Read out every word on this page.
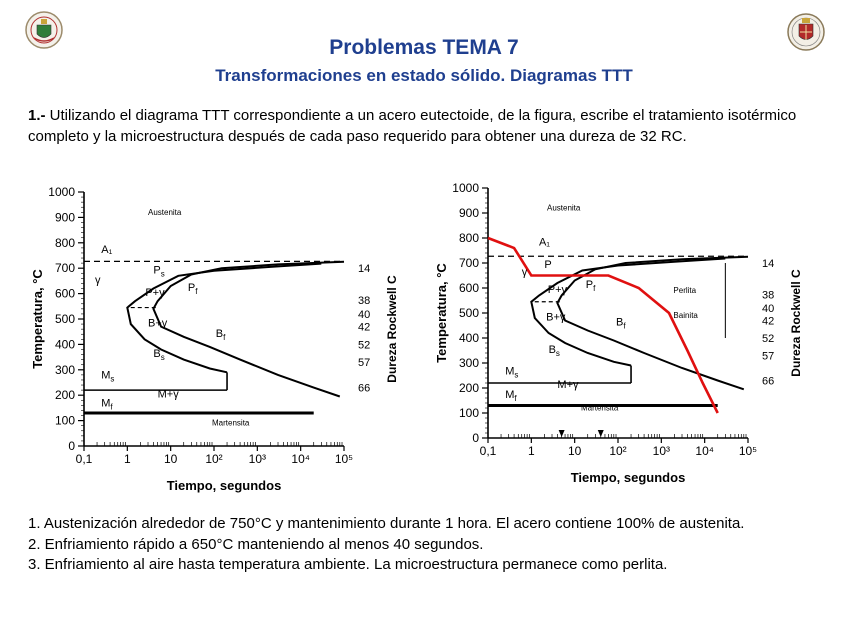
Problemas TEMA 7
Transformaciones en estado sólido. Diagramas TTT
1.- Utilizando el diagrama TTT correspondiente a un acero eutectoide, de la figura, escribe el tratamiento isotérmico completo y la microestructura después de cada paso requerido para obtener una dureza de 32 RC.
0
100
200
300
400
500
600
700
800
900
1000
0,1	1	10 10² 10³ 10⁴ 10⁵
Tiempo, segundos
Temperatura, °C	Dureza Rockwell C
14
38
40
42
52
57
66
Austenita
A₁
γ
$P_s$
P+γ $P_f$
B+γ
$B_s$
$B_f$
$M_s$
M+γ
$M_f$
Martensita
0
100
200
300
400
500
600
700
800
900
1000
0,1	1	10 10² 10³ 10⁴ 10⁵
Tiempo, segundos
Temperatura, °C	Dureza Rockwell C
14
38
40
42
52
57
66
Austenita
A₁
γ
P
P+γ $P_f$
B+γ
$B_s$
$B_f$
$M_s$
M+γ
$M_f$
Martensita
Perlita
Bainita
1. Austenización alrededor de 750°C y mantenimiento durante 1 hora. El acero contiene 100% de austenita.
2. Enfriamiento rápido a 650°C manteniendo al menos 40 segundos.
3. Enfriamiento al aire hasta temperatura ambiente. La microestructura permanece como perlita.
